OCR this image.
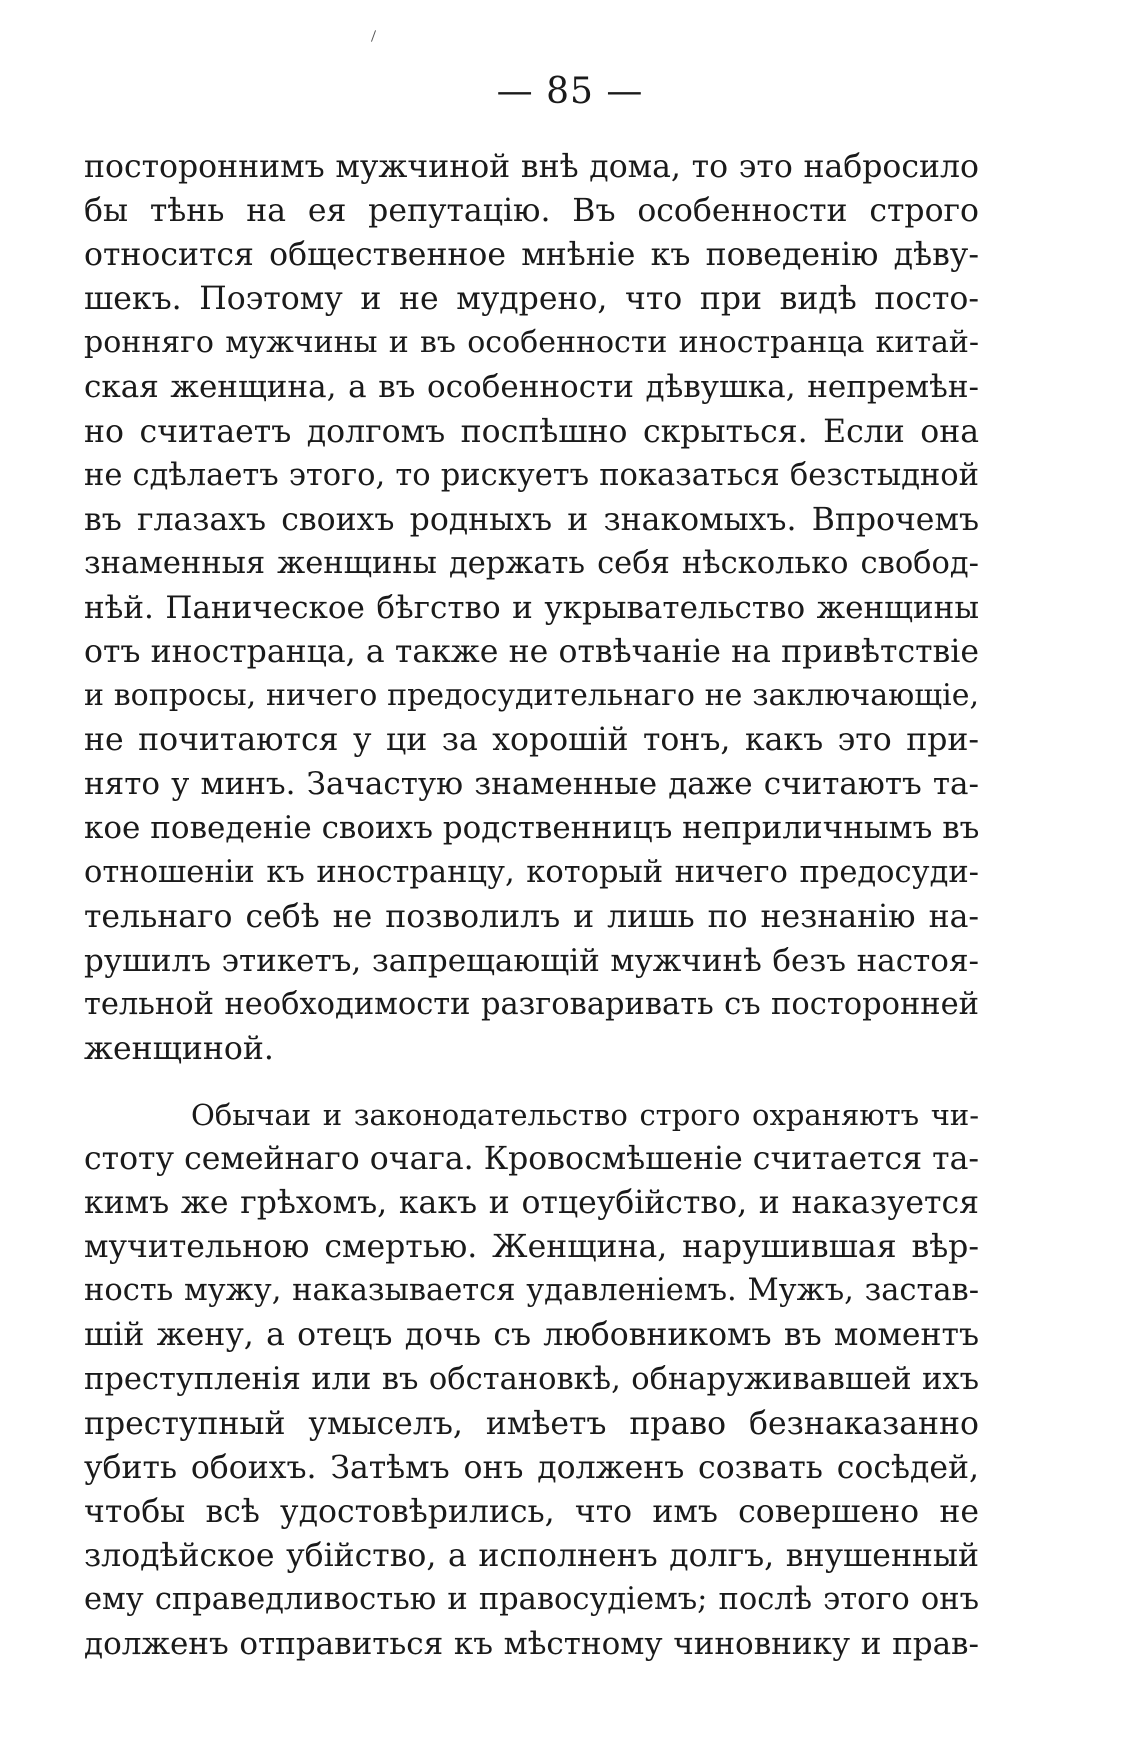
— 85 —
постороннимъ мужчиной внѣ дома, то это набросило
бы тѣнь на ея репутацію. Въ особенности строго
относится общественное мнѣніе къ поведенію дѣву-
шекъ. Поэтому и не мудрено, что при видѣ посто-
ронняго мужчины и въ особенности иностранца китай-
ская женщина, а въ особенности дѣвушка, непремѣн-
но считаетъ долгомъ поспѣшно скрыться. Если она
не сдѣлаетъ этого, то рискуетъ показаться безстыдной
въ глазахъ своихъ родныхъ и знакомыхъ. Впрочемъ
знаменныя женщины держать себя нѣсколько свобод-
нѣй. Паническое бѣгство и укрывательство женщины
отъ иностранца, а также не отвѣчаніе на привѣтствіе
и вопросы, ничего предосудительнаго не заключающіе,
не почитаются у ци за хорошій тонъ, какъ это при-
нято у минъ. Зачастую знаменные даже считаютъ та-
кое поведеніе своихъ родственницъ неприличнымъ въ
отношеніи къ иностранцу, который ничего предосуди-
тельнаго себѣ не позволилъ и лишь по незнанію на-
рушилъ этикетъ, запрещающій мужчинѣ безъ настоя-
тельной необходимости разговаривать съ посторонней
женщиной.
Обычаи и законодательство строго охраняютъ чи-
стоту семейнаго очага. Кровосмѣшеніе считается та-
кимъ же грѣхомъ, какъ и отцеубійство, и наказуется
мучительною смертью. Женщина, нарушившая вѣр-
ность мужу, наказывается удавленіемъ. Мужъ, застав-
шій жену, а отецъ дочь съ любовникомъ въ моментъ
преступленія или въ обстановкѣ, обнаруживавшей ихъ
преступный умыселъ, имѣетъ право безнаказанно
убить обоихъ. Затѣмъ онъ долженъ созвать сосѣдей,
чтобы всѣ удостовѣрились, что имъ совершено не
злодѣйское убійство, а исполненъ долгъ, внушенный
ему справедливостью и правосудіемъ; послѣ этого онъ
долженъ отправиться къ мѣстному чиновнику и прав-
